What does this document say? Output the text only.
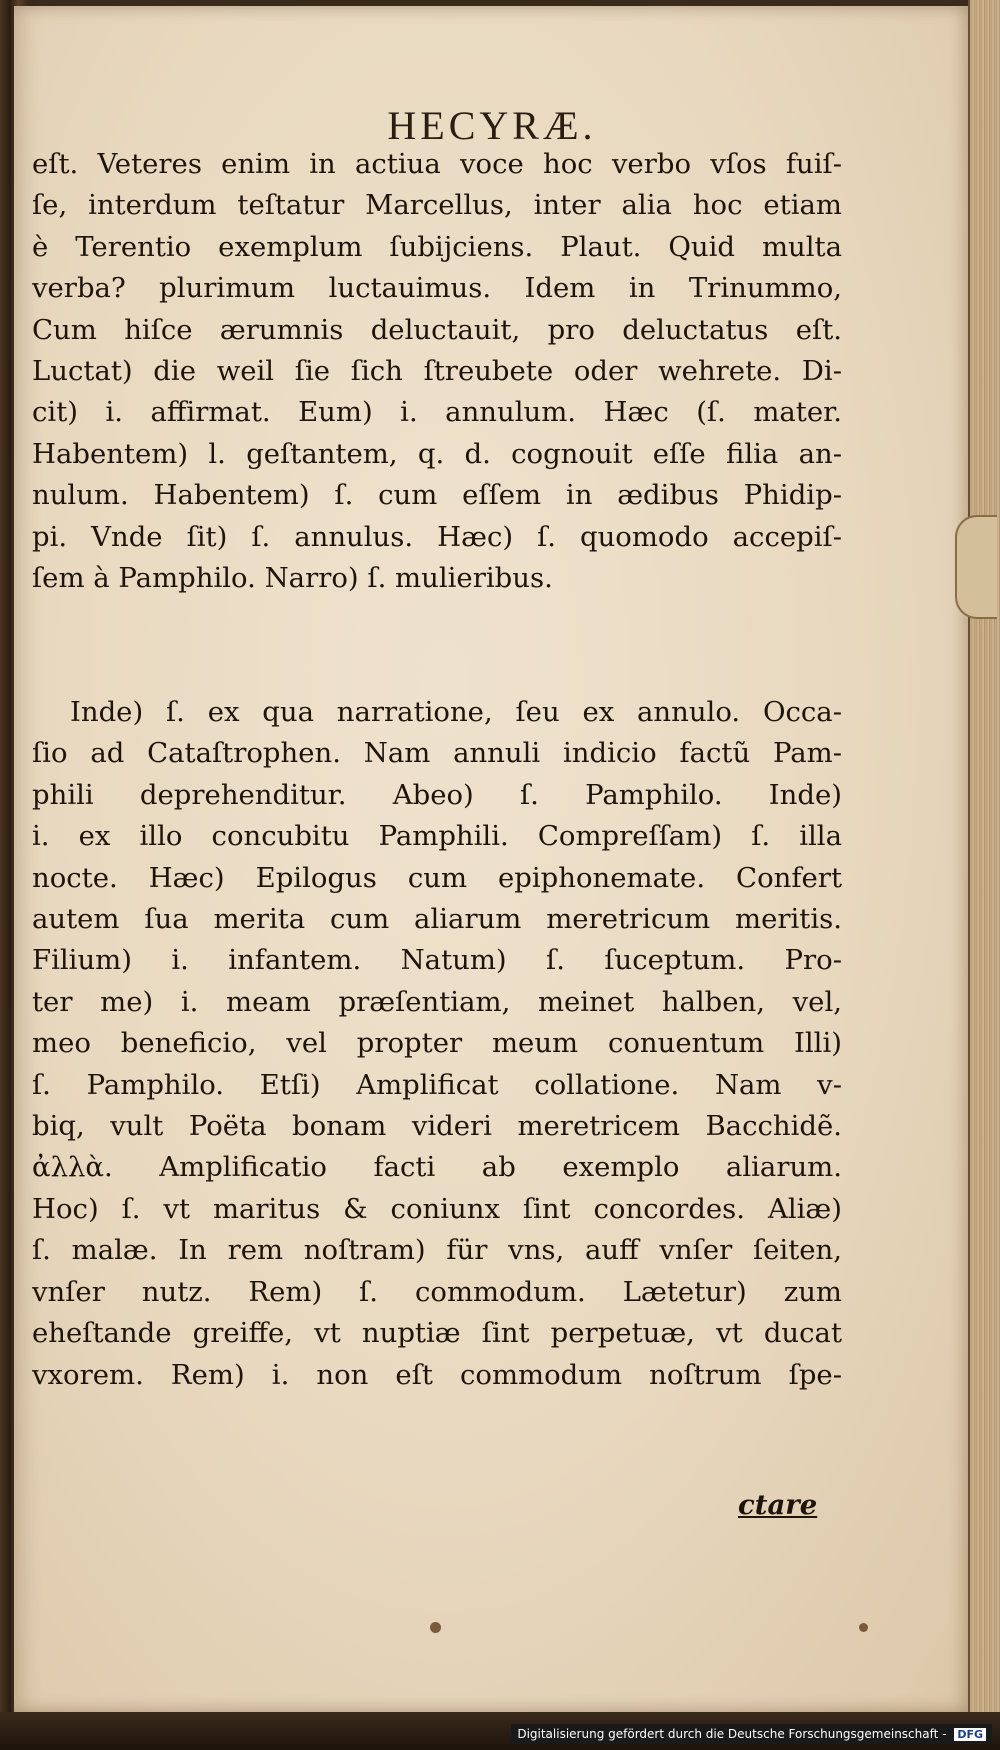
HECYRÆ.
eſt. Veteres enim in actiua voce hoc verbo vſos fuiſ-
ſe, interdum teſtatur Marcellus, inter alia hoc etiam
è Terentio exemplum ſubijciens. Plaut. Quid multa
verba? plurimum luctauimus. Idem in Trinummo,
Cum hiſce ærumnis deluctauit, pro deluctatus eſt.
Luctat) die weil ſie ſich ſtreubete oder wehrete. Di-
cit) i. affirmat. Eum) i. annulum. Hæc (ſ. mater.
Habentem) l. geſtantem, q. d. cognouit eſſe filia an-
nulum. Habentem) ſ. cum eſſem in ædibus Phidip-
pi. Vnde ſit) ſ. annulus. Hæc) ſ. quomodo accepiſ-
ſem à Pamphilo. Narro) ſ. mulieribus.
Inde) ſ. ex qua narratione, ſeu ex annulo. Occa-
ſio ad Cataſtrophen. Nam annuli indicio factũ Pam-
phili deprehenditur. Abeo) ſ. Pamphilo. Inde)
i. ex illo concubitu Pamphili. Compreſſam) ſ. illa
nocte. Hæc) Epilogus cum epiphonemate. Confert
autem ſua merita cum aliarum meretricum meritis.
Filium) i. infantem. Natum) ſ. ſuceptum. Pro-
ter me) i. meam præſentiam, meinet halben, vel,
meo beneficio, vel propter meum conuentum Illi)
ſ. Pamphilo. Etſi) Amplificat collatione. Nam v-
biq, vult Poëta bonam videri meretricem Bacchidẽ.
ἀλλὰ. Amplificatio facti ab exemplo aliarum.
Hoc) ſ. vt maritus & coniunx ſint concordes. Aliæ)
ſ. malæ. In rem noſtram) für vns, auff vnſer ſeiten,
vnſer nutz. Rem) ſ. commodum. Lætetur) zum
eheſtande greiffe, vt nuptiæ ſint perpetuæ, vt ducat
vxorem. Rem) i. non eſt commodum noſtrum ſpe-
ctare
Digitalisierung gefördert durch die Deutsche Forschungsgemeinschaft - DFG
